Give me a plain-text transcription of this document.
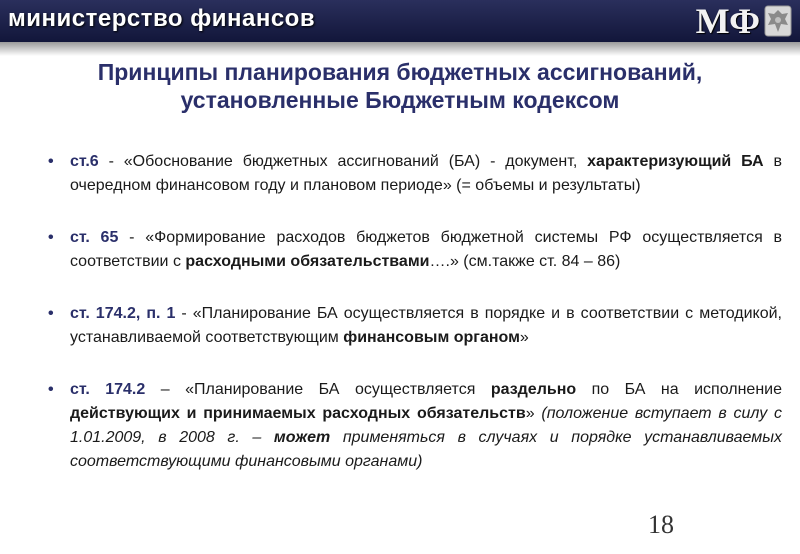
министерство финансов	МФ
Принципы планирования бюджетных ассигнований,
установленные Бюджетным кодексом
• ст.6 - «Обоснование бюджетных ассигнований (БА) - документ, характеризующий БА в очередном финансовом году и плановом периоде» (= объемы и результаты)
• ст. 65 - «Формирование расходов бюджетов бюджетной системы РФ осуществляется в соответствии с расходными обязательствами….» (см.также ст. 84 – 86)
• ст. 174.2, п. 1 - «Планирование БА осуществляется в порядке и в соответствии с методикой, устанавливаемой соответствующим финансовым органом»
• ст. 174.2 – «Планирование БА осуществляется раздельно по БА на исполнение действующих и принимаемых расходных обязательств» (положение вступает в силу с 1.01.2009, в 2008 г. – может применяться в случаях и порядке устанавливаемых соответствующими финансовыми органами)
18
